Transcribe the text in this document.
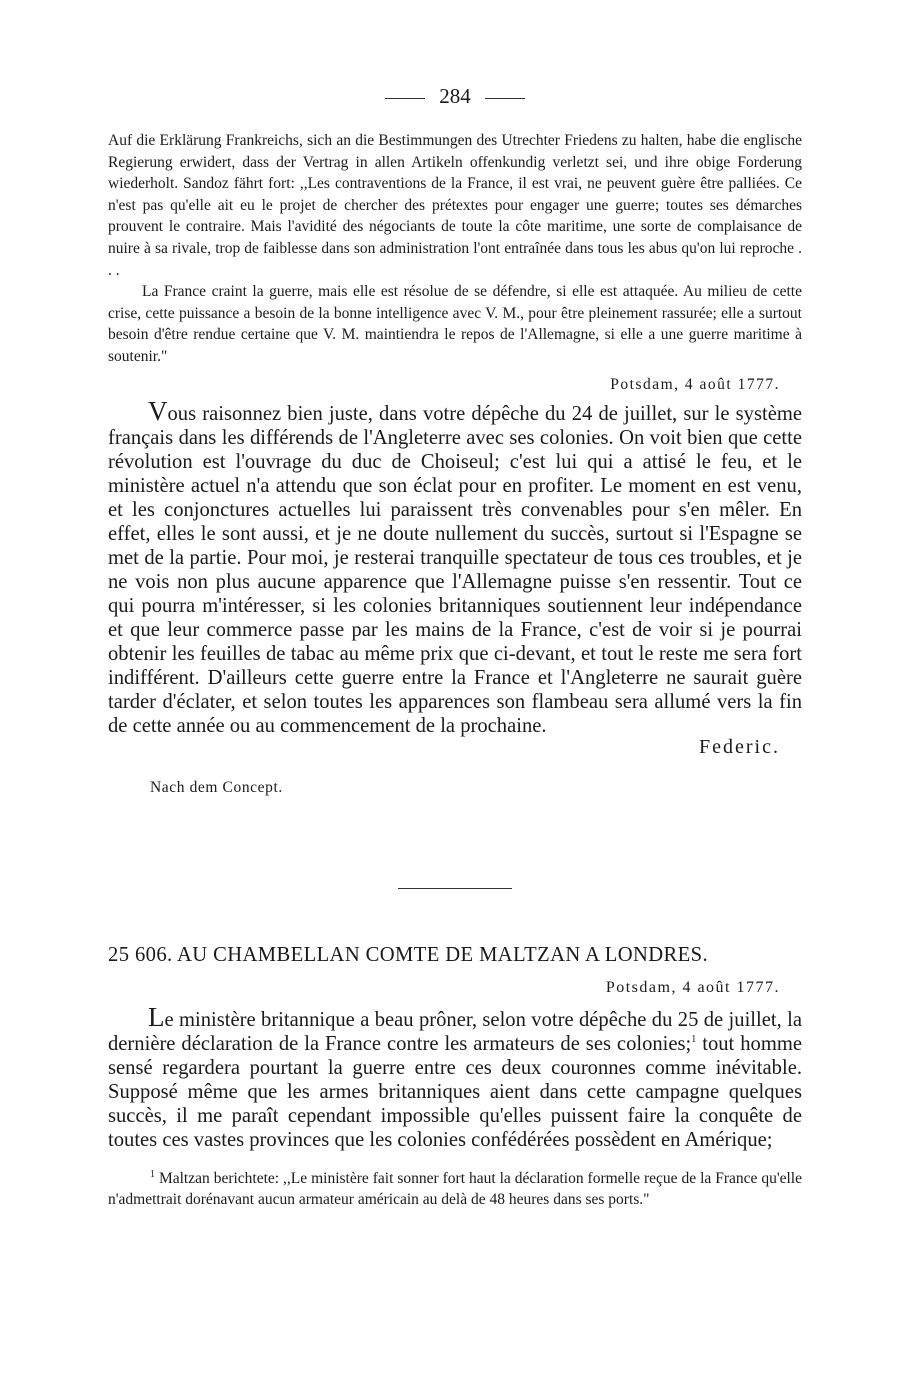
284

Auf die Erklärung Frankreichs, sich an die Bestimmungen des Utrechter Friedens zu halten, habe die englische Regierung erwidert, dass der Vertrag in allen Artikeln offenkundig verletzt sei, und ihre obige Forderung wiederholt. Sandoz fährt fort: ,,Les contraventions de la France, il est vrai, ne peuvent guère être palliées. Ce n'est pas qu'elle ait eu le projet de chercher des prétextes pour engager une guerre; toutes ses démarches prouvent le contraire. Mais l'avidité des négociants de toute la côte maritime, une sorte de complaisance de nuire à sa rivale, trop de faiblesse dans son administration l'ont entraînée dans tous les abus qu'on lui reproche . . .

La France craint la guerre, mais elle est résolue de se défendre, si elle est attaquée. Au milieu de cette crise, cette puissance a besoin de la bonne intelligence avec V. M., pour être pleinement rassurée; elle a surtout besoin d'être rendue certaine que V. M. maintiendra le repos de l'Allemagne, si elle a une guerre maritime à soutenir."

Potsdam, 4 août 1777.

Vous raisonnez bien juste, dans votre dépêche du 24 de juillet, sur le système français dans les différends de l'Angleterre avec ses colonies. On voit bien que cette révolution est l'ouvrage du duc de Choiseul; c'est lui qui a attisé le feu, et le ministère actuel n'a attendu que son éclat pour en profiter. Le moment en est venu, et les conjonctures actuelles lui paraissent très convenables pour s'en mêler. En effet, elles le sont aussi, et je ne doute nullement du succès, surtout si l'Espagne se met de la partie. Pour moi, je resterai tranquille spectateur de tous ces troubles, et je ne vois non plus aucune apparence que l'Allemagne puisse s'en ressentir. Tout ce qui pourra m'intéresser, si les colonies britanniques soutiennent leur indépendance et que leur commerce passe par les mains de la France, c'est de voir si je pourrai obtenir les feuilles de tabac au même prix que ci-devant, et tout le reste me sera fort indifférent. D'ailleurs cette guerre entre la France et l'Angleterre ne saurait guère tarder d'éclater, et selon toutes les apparences son flambeau sera allumé vers la fin de cette année ou au commencement de la prochaine.

Federic.

Nach dem Concept.

25 606. AU CHAMBELLAN COMTE DE MALTZAN A LONDRES.

Potsdam, 4 août 1777.

Le ministère britannique a beau prôner, selon votre dépêche du 25 de juillet, la dernière déclaration de la France contre les armateurs de ses colonies;$^1$ tout homme sensé regardera pourtant la guerre entre ces deux couronnes comme inévitable. Supposé même que les armes britanniques aient dans cette campagne quelques succès, il me paraît cependant impossible qu'elles puissent faire la conquête de toutes ces vastes provinces que les colonies confédérées possèdent en Amérique;

$^1$ Maltzan berichtete: ,,Le ministère fait sonner fort haut la déclaration formelle reçue de la France qu'elle n'admettrait dorénavant aucun armateur américain au delà de 48 heures dans ses ports."
